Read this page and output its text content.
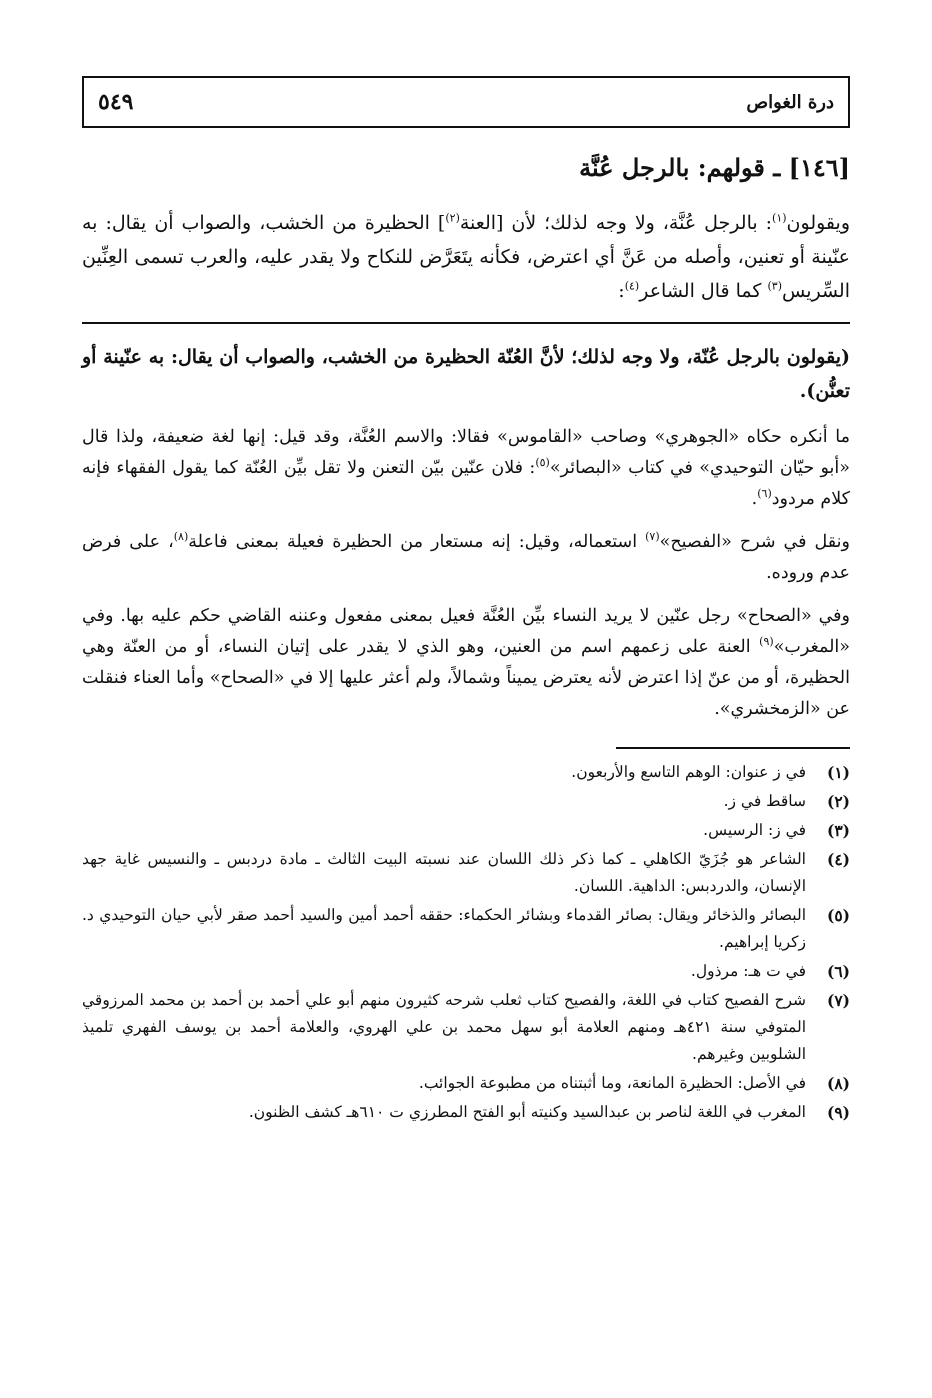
درة الغواص
٥٤٩
[١٤٦] ـ قولهم: بالرجل عُنَّة

ويقولون$^{(١)}$: بالرجل عُنَّة، ولا وجه لذلك؛ لأن [العنة$^{(٢)}$] الحظيرة من الخشب، والصواب أن يقال: به عنّينة أو تعنين، وأصله من عَنَّ أي اعترض، فكأنه يتَعَرَّض للنكاح ولا يقدر عليه، والعرب تسمى العِنِّين السِّريس$^{(٣)}$ كما قال الشاعر$^{(٤)}$:

(يقولون بالرجل عُنّة، ولا وجه لذلك؛ لأنَّ العُنّة الحظيرة من الخشب، والصواب أن يقال: به عنّينة أو تعنُّن).

ما أنكره حكاه «الجوهري» وصاحب «القاموس» فقالا: والاسم العُنَّة، وقد قيل: إنها لغة ضعيفة، ولذا قال «أبو حيّان التوحيدي» في كتاب «البصائر»$^{(٥)}$: فلان عنّين بيّن التعنن ولا تقل بيِّن العُنّة كما يقول الفقهاء فإنه كلام مردود$^{(٦)}$.

ونقل في شرح «الفصيح»$^{(٧)}$ استعماله، وقيل: إنه مستعار من الحظيرة فعيلة بمعنى فاعلة$^{(٨)}$، على فرض عدم وروده.

وفي «الصحاح» رجل عنّين لا يريد النساء بيِّن العُنَّة فعيل بمعنى مفعول وعننه القاضي حكم عليه بها. وفي «المغرب»$^{(٩)}$ العنة على زعمهم اسم من العنين، وهو الذي لا يقدر على إتيان النساء، أو من العنّة وهي الحظيرة، أو من عنّ إذا اعترض لأنه يعترض يميناً وشمالاً، ولم أعثر عليها إلا في «الصحاح» وأما العناء فنقلت عن «الزمخشري».

(١)
في ز عنوان: الوهم التاسع والأربعون.
(٢)
ساقط في ز.
(٣)
في ز: الرسيس.
(٤)
الشاعر هو جُزَيّ الكاهلي ـ كما ذكر ذلك اللسان عند نسبته البيت الثالث ـ مادة دردبس ـ والنسيس غاية جهد الإنسان، والدردبس: الداهية. اللسان.
(٥)
البصائر والذخائر ويقال: بصائر القدماء وبشائر الحكماء: حققه أحمد أمين والسيد أحمد صقر لأبي حيان التوحيدي د. زكريا إبراهيم.
(٦)
في ت هـ: مرذول.
(٧)
شرح الفصيح كتاب في اللغة، والفصيح كتاب ثعلب شرحه كثيرون منهم أبو علي أحمد بن أحمد بن محمد المرزوقي المتوفي سنة ٤٢١هـ ومنهم العلامة أبو سهل محمد بن علي الهروي، والعلامة أحمد بن يوسف الفهري تلميذ الشلوبين وغيرهم.
(٨)
في الأصل: الحظيرة المانعة، وما أثبتناه من مطبوعة الجوائب.
(٩)
المغرب في اللغة لناصر بن عبدالسيد وكنيته أبو الفتح المطرزي ت ٦١٠هـ كشف الظنون.
